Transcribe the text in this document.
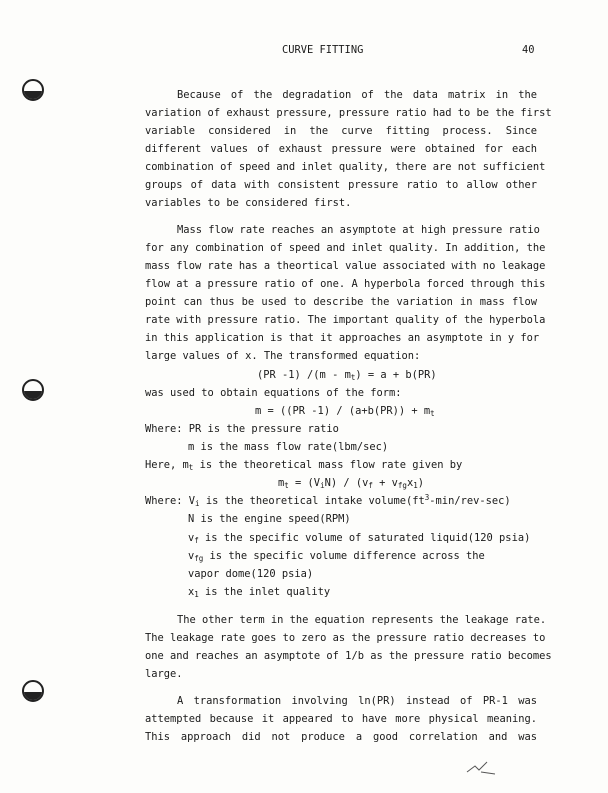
CURVE FITTING	40
Because of the degradation of the data matrix in the
variation of exhaust pressure, pressure ratio had to be the first
variable considered in the curve fitting process. Since
different values of exhaust pressure were obtained for each
combination of speed and inlet quality, there are not sufficient
groups of data with consistent pressure ratio to allow other
variables to be considered first.
Mass flow rate reaches an asymptote at high pressure ratio
for any combination of speed and inlet quality. In addition, the
mass flow rate has a theortical value associated with no leakage
flow at a pressure ratio of one. A hyperbola forced through this
point can thus be used to describe the variation in mass flow
rate with pressure ratio. The important quality of the hyperbola
in this application is that it approaches an asymptote in y for
large values of x. The transformed equation:
(PR -1) /(m - mt) = a + b(PR)
was used to obtain equations of the form:
m = ((PR -1) / (a+b(PR)) + mt
Where: PR is the pressure ratio
m is the mass flow rate(lbm/sec)
Here, mt is the theoretical mass flow rate given by
mt = (ViN) / (vf + vfgx1)
Where: Vi is the theoretical intake $volume(ft^3-\min/rev-\sec)$
N is the engine speed(RPM)
vf is the specific volume of saturated liquid(120 psia)
vfg is the specific volume difference across the
vapor dome(120 psia)
x1 is the inlet quality
The other term in the equation represents the leakage rate.
The leakage rate goes to zero as the pressure ratio decreases to
one and reaches an asymptote of 1/b as the pressure ratio becomes
large.
A transformation involving ln(PR) instead of PR-1 was
attempted because it appeared to have more physical meaning.
This approach did not produce a good correlation and was
